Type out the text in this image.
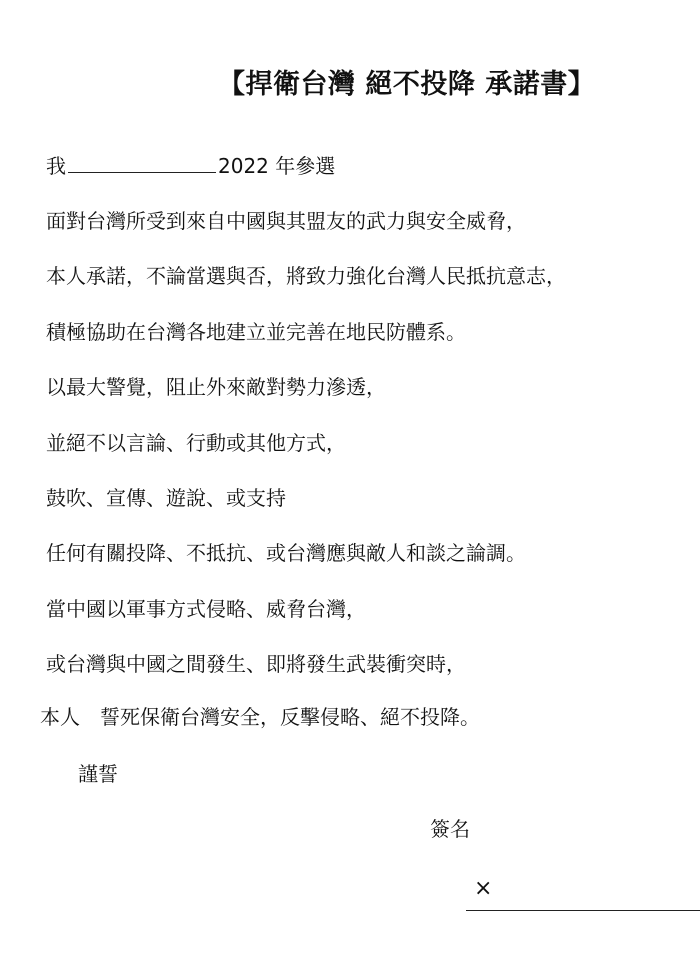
【捍衛台灣 絕不投降 承諾書】
我	2022 年參選
面對台灣所受到來自中國與其盟友的武力與安全威脅，
本人承諾，不論當選與否，將致力強化台灣人民抵抗意志，
積極協助在台灣各地建立並完善在地民防體系。
以最大警覺，阻止外來敵對勢力滲透，
並絕不以言論、行動或其他方式，
鼓吹、宣傳、遊說、或支持
任何有關投降、不抵抗、或台灣應與敵人和談之論調。
當中國以軍事方式侵略、威脅台灣，
或台灣與中國之間發生、即將發生武裝衝突時，
本人 誓死保衛台灣安全，反擊侵略、絕不投降。
謹誓
簽名
×
